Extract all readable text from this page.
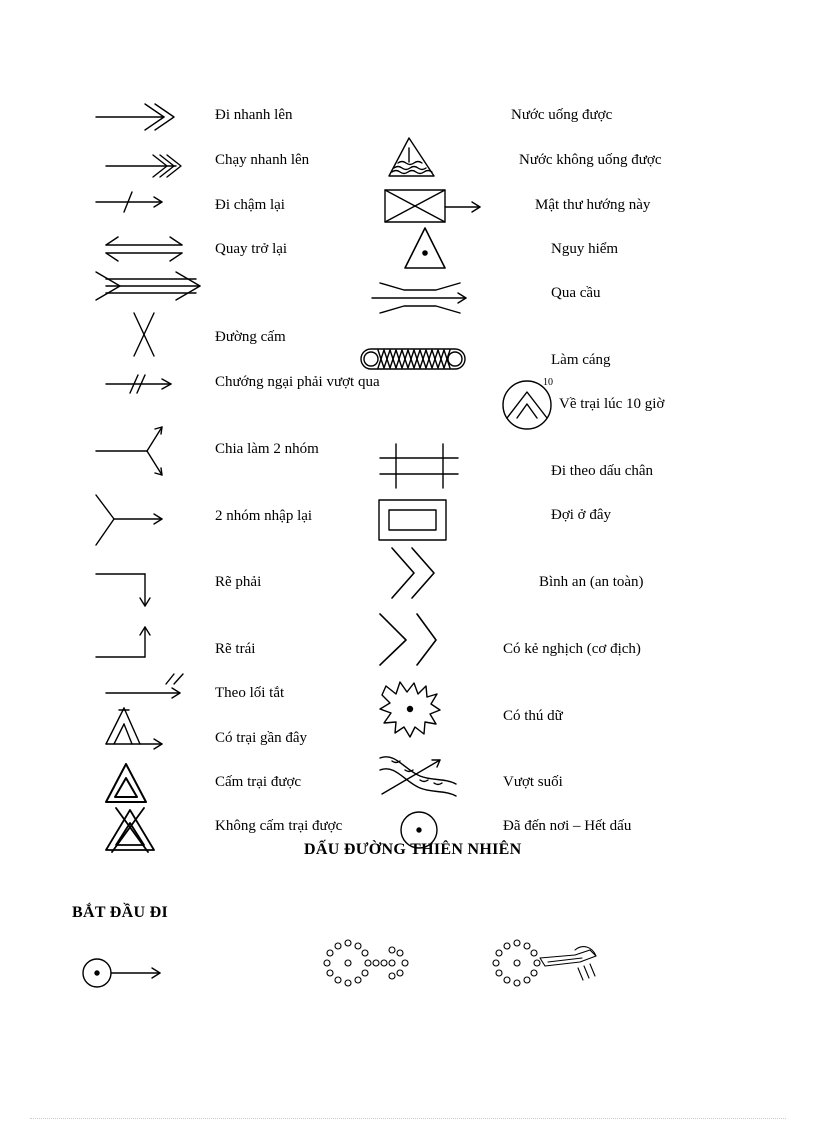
Đi nhanh lên
Chạy nhanh lên
Đi chậm lại
Quay trở lại
Đường cấm
Chướng ngại phải vượt qua
Chia làm 2 nhóm
2 nhóm nhập lại
Rẽ phải
Rẽ trái
Theo lối tắt
Có trại gần đây
Cấm trại được
Không cấm trại được
Nước uống được
Nước không uống được
Mật thư hướng này
Nguy hiểm
Qua cầu
Làm cáng
Về trại lúc 10 giờ
10
Đi theo dấu chân
Đợi ở đây
Bình an (an toàn)
Có kẻ nghịch (cơ địch)
Có thú dữ
Vượt suối
Đã đến nơi – Hết dấu
DẤU ĐƯỜNG THIÊN NHIÊN
BẮT ĐẦU ĐI
